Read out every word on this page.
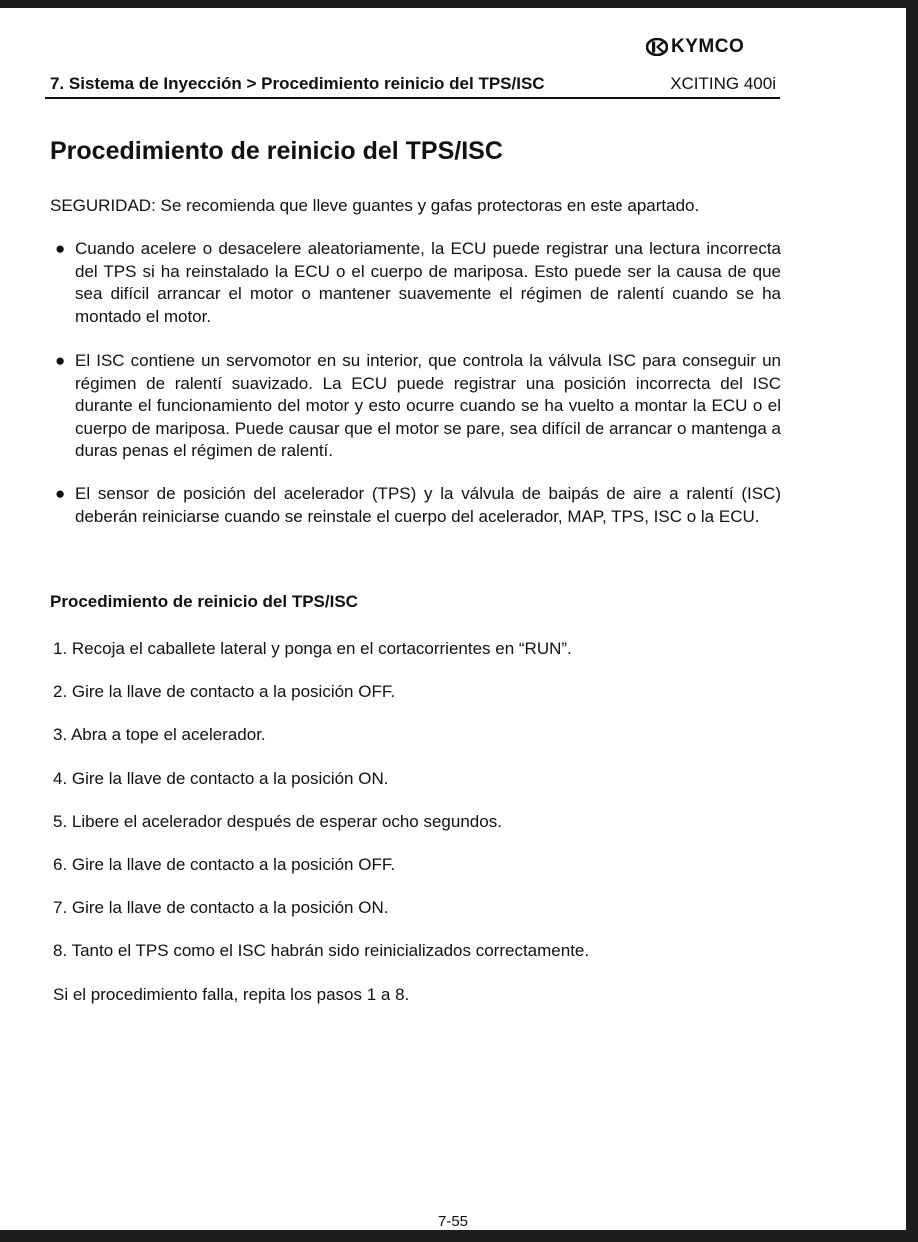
KYMCO
7. Sistema de Inyección > Procedimiento reinicio del TPS/ISC	XCITING 400i
Procedimiento de reinicio del TPS/ISC

SEGURIDAD: Se recomienda que lleve guantes y gafas protectoras en este apartado.

● Cuando acelere o desacelere aleatoriamente, la ECU puede registrar una lectura incorrecta del TPS si ha reinstalado la ECU o el cuerpo de mariposa. Esto puede ser la causa de que sea difícil arrancar el motor o mantener suavemente el régimen de ralentí cuando se ha montado el motor.

● El ISC contiene un servomotor en su interior, que controla la válvula ISC para conseguir un régimen de ralentí suavizado. La ECU puede registrar una posición incorrecta del ISC durante el funcionamiento del motor y esto ocurre cuando se ha vuelto a montar la ECU o el cuerpo de mariposa. Puede causar que el motor se pare, sea difícil de arrancar o mantenga a duras penas el régimen de ralentí.

● El sensor de posición del acelerador (TPS) y la válvula de baipás de aire a ralentí (ISC) deberán reiniciarse cuando se reinstale el cuerpo del acelerador, MAP, TPS, ISC o la ECU.

Procedimiento de reinicio del TPS/ISC
1. Recoja el caballete lateral y ponga en el cortacorrientes en “RUN”.
2. Gire la llave de contacto a la posición OFF.
3. Abra a tope el acelerador.
4. Gire la llave de contacto a la posición ON.
5. Libere el acelerador después de esperar ocho segundos.
6. Gire la llave de contacto a la posición OFF.
7. Gire la llave de contacto a la posición ON.
8. Tanto el TPS como el ISC habrán sido reinicializados correctamente.

Si el procedimiento falla, repita los pasos 1 a 8.

7-55
